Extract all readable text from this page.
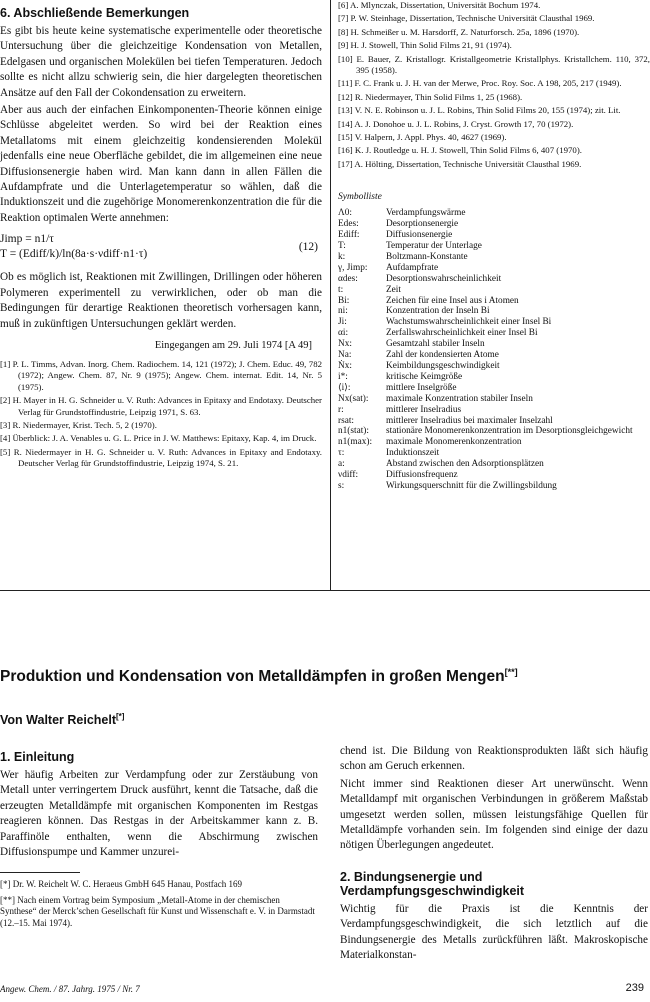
6. Abschließende Bemerkungen

Es gibt bis heute keine systematische experimentelle oder theoretische Untersuchung über die gleichzeitige Kondensation von Metallen, Edelgasen und organischen Molekülen bei tiefen Temperaturen. Jedoch sollte es nicht allzu schwierig sein, die hier dargelegten theoretischen Ansätze auf den Fall der Cokondensation zu erweitern.

Aber aus auch der einfachen Einkomponenten-Theorie können einige Schlüsse abgeleitet werden. So wird bei der Reaktion eines Metallatoms mit einem gleichzeitig kondensierenden Molekül jedenfalls eine neue Oberfläche gebildet, die im allgemeinen eine neue Diffusionsenergie haben wird. Man kann dann in allen Fällen die Aufdampfrate und die Unterlagetemperatur so wählen, daß die Induktionszeit und die zugehörige Monomerenkonzentration die für die Reaktion optimalen Werte annehmen:

Jimp = n1/τ
T = (Ediff/k)/ln(8a·s·νdiff·n1·τ)
(12)

Ob es möglich ist, Reaktionen mit Zwillingen, Drillingen oder höheren Polymeren experimentell zu verwirklichen, oder ob man die Bedingungen für derartige Reaktionen theoretisch vorhersagen kann, muß in zukünftigen Untersuchungen geklärt werden.

Eingegangen am 29. Juli 1974 [A 49]
[1] P. L. Timms, Advan. Inorg. Chem. Radiochem. 14, 121 (1972); J. Chem. Educ. 49, 782 (1972); Angew. Chem. 87, Nr. 9 (1975); Angew. Chem. internat. Edit. 14, Nr. 5 (1975).
[2] H. Mayer in H. G. Schneider u. V. Ruth: Advances in Epitaxy and Endotaxy. Deutscher Verlag für Grundstoffindustrie, Leipzig 1971, S. 63.
[3] R. Niedermayer, Krist. Tech. 5, 2 (1970).
[4] Überblick: J. A. Venables u. G. L. Price in J. W. Matthews: Epitaxy, Kap. 4, im Druck.
[5] R. Niedermayer in H. G. Schneider u. V. Ruth: Advances in Epitaxy and Endotaxy. Deutscher Verlag für Grundstoffindustrie, Leipzig 1974, S. 21.
[6] A. Mlynczak, Dissertation, Universität Bochum 1974.
[7] P. W. Steinhage, Dissertation, Technische Universität Clausthal 1969.
[8] H. Schmeißer u. M. Harsdorff, Z. Naturforsch. 25a, 1896 (1970).
[9] H. J. Stowell, Thin Solid Films 21, 91 (1974).
[10] E. Bauer, Z. Kristallogr. Kristallgeometrie Kristallphys. Kristallchem. 110, 372, 395 (1958).
[11] F. C. Frank u. J. H. van der Merwe, Proc. Roy. Soc. A 198, 205, 217 (1949).
[12] R. Niedermayer, Thin Solid Films 1, 25 (1968).
[13] V. N. E. Robinson u. J. L. Robins, Thin Solid Films 20, 155 (1974); zit. Lit.
[14] A. J. Donohoe u. J. L. Robins, J. Cryst. Growth 17, 70 (1972).
[15] V. Halpern, J. Appl. Phys. 40, 4627 (1969).
[16] K. J. Routledge u. H. J. Stowell, Thin Solid Films 6, 407 (1970).
[17] A. Hölting, Dissertation, Technische Universität Clausthal 1969.
Symbolliste
Λ0:	Verdampfungswärme
Edes:	Desorptionsenergie
Ediff:	Diffusionsenergie
T:	Temperatur der Unterlage
k:	Boltzmann-Konstante
γ, Jimp:	Aufdampfrate
αdes:	Desorptionswahrscheinlichkeit
t:	Zeit
Bi:	Zeichen für eine Insel aus i Atomen
ni:	Konzentration der Inseln Bi
Ji:	Wachstumswahrscheinlichkeit einer Insel Bi
αi:	Zerfallswahrscheinlichkeit einer Insel Bi
Nx:	Gesamtzahl stabiler Inseln
Na:	Zahl der kondensierten Atome
Ṅx:	Keimbildungsgeschwindigkeit
i*:	kritische Keimgröße
⟨i⟩:	mittlere Inselgröße
Nx(sat):	maximale Konzentration stabiler Inseln
r:	mittlerer Inselradius
rsat:	mittlerer Inselradius bei maximaler Inselzahl
n1(stat):	stationäre Monomerenkonzentration im Desorptionsgleichgewicht
n1(max):	maximale Monomerenkonzentration
τ:	Induktionszeit
a:	Abstand zwischen den Adsorptionsplätzen
νdiff:	Diffusionsfrequenz
s:	Wirkungsquerschnitt für die Zwillingsbildung
Produktion und Kondensation von Metalldämpfen in großen Mengen[**]
Von Walter Reichelt[*]
1. Einleitung

Wer häufig Arbeiten zur Verdampfung oder zur Zerstäubung von Metall unter verringertem Druck ausführt, kennt die Tatsache, daß die erzeugten Metalldämpfe mit organischen Komponenten im Restgas reagieren können. Das Restgas in der Arbeitskammer kann z. B. Paraffinöle enthalten, wenn die Abschirmung zwischen Diffusionspumpe und Kammer unzurei-

[*] Dr. W. Reichelt W. C. Heraeus GmbH 645 Hanau, Postfach 169
[**] Nach einem Vortrag beim Symposium „Metall-Atome in der chemischen Synthese“ der Merck’schen Gesellschaft für Kunst und Wissenschaft e. V. in Darmstadt (12.–15. Mai 1974).

chend ist. Die Bildung von Reaktionsprodukten läßt sich häufig schon am Geruch erkennen.

Nicht immer sind Reaktionen dieser Art unerwünscht. Wenn Metalldampf mit organischen Verbindungen in größerem Maßstab umgesetzt werden sollen, müssen leistungsfähige Quellen für Metalldämpfe vorhanden sein. Im folgenden sind einige der dazu nötigen Überlegungen angedeutet.

2. Bindungsenergie und Verdampfungsgeschwindigkeit

Wichtig für die Praxis ist die Kenntnis der Verdampfungsgeschwindigkeit, die sich letztlich auf die Bindungsenergie des Metalls zurückführen läßt. Makroskopische Materialkonstan-

Angew. Chem. / 87. Jahrg. 1975 / Nr. 7	239
